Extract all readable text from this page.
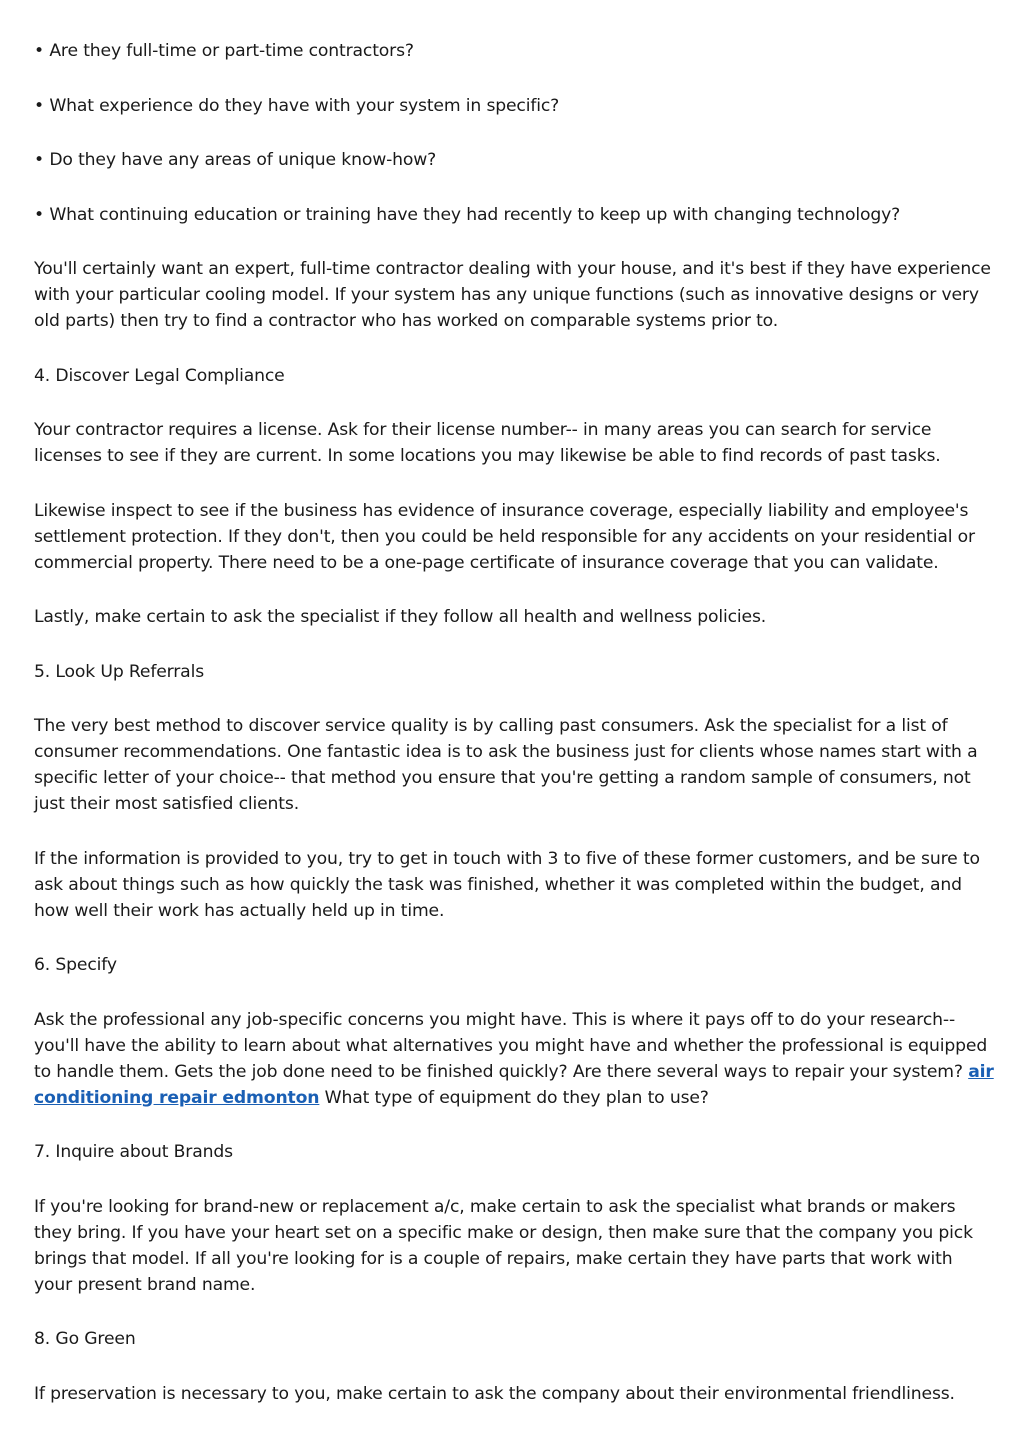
• Are they full-time or part-time contractors?

• What experience do they have with your system in specific?

• Do they have any areas of unique know-how?

• What continuing education or training have they had recently to keep up with changing technology?

You'll certainly want an expert, full-time contractor dealing with your house, and it's best if they have experience with your particular cooling model. If your system has any unique functions (such as innovative designs or very old parts) then try to find a contractor who has worked on comparable systems prior to.

4. Discover Legal Compliance

Your contractor requires a license. Ask for their license number-- in many areas you can search for service licenses to see if they are current. In some locations you may likewise be able to find records of past tasks.

Likewise inspect to see if the business has evidence of insurance coverage, especially liability and employee's settlement protection. If they don't, then you could be held responsible for any accidents on your residential or commercial property. There need to be a one-page certificate of insurance coverage that you can validate.

Lastly, make certain to ask the specialist if they follow all health and wellness policies.

5. Look Up Referrals

The very best method to discover service quality is by calling past consumers. Ask the specialist for a list of consumer recommendations. One fantastic idea is to ask the business just for clients whose names start with a specific letter of your choice-- that method you ensure that you're getting a random sample of consumers, not just their most satisfied clients.

If the information is provided to you, try to get in touch with 3 to five of these former customers, and be sure to ask about things such as how quickly the task was finished, whether it was completed within the budget, and how well their work has actually held up in time.

6. Specify

Ask the professional any job-specific concerns you might have. This is where it pays off to do your research-- you'll have the ability to learn about what alternatives you might have and whether the professional is equipped to handle them. Gets the job done need to be finished quickly? Are there several ways to repair your system? air conditioning repair edmonton What type of equipment do they plan to use?

7. Inquire about Brands

If you're looking for brand-new or replacement a/c, make certain to ask the specialist what brands or makers they bring. If you have your heart set on a specific make or design, then make sure that the company you pick brings that model. If all you're looking for is a couple of repairs, make certain they have parts that work with your present brand name.

8. Go Green

If preservation is necessary to you, make certain to ask the company about their environmental friendliness.
